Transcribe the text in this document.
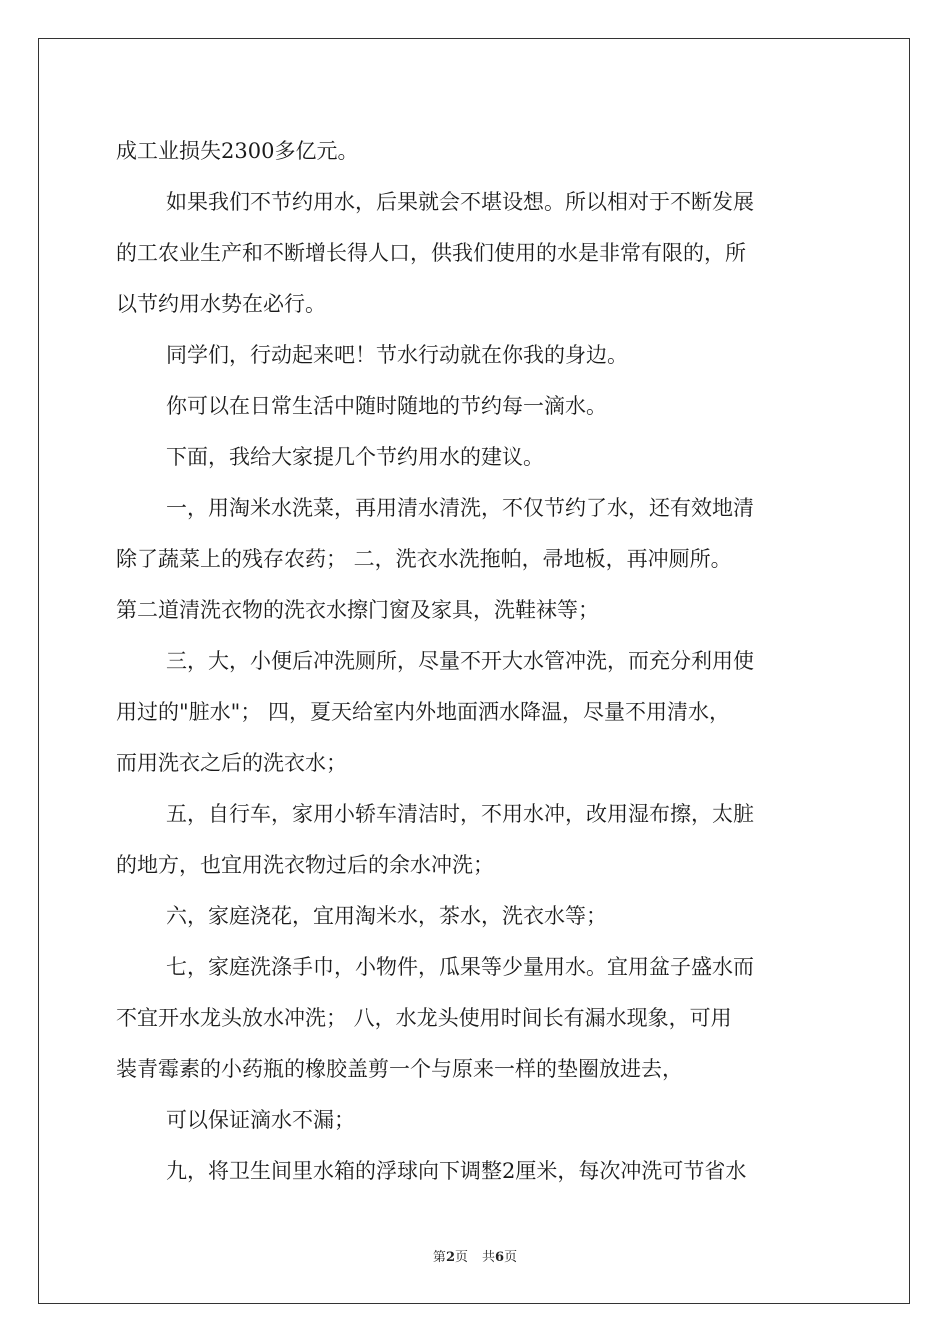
成工业损失2300多亿元。
如果我们不节约用水，后果就会不堪设想。所以相对于不断发展
的工农业生产和不断增长得人口，供我们使用的水是非常有限的，所
以节约用水势在必行。
同学们，行动起来吧！节水行动就在你我的身边。
你可以在日常生活中随时随地的节约每一滴水。
下面，我给大家提几个节约用水的建议。
一，用淘米水洗菜，再用清水清洗，不仅节约了水，还有效地清
除了蔬菜上的残存农药； 二，洗衣水洗拖帕，帚地板，再冲厕所。
第二道清洗衣物的洗衣水擦门窗及家具，洗鞋袜等；
三，大，小便后冲洗厕所，尽量不开大水管冲洗，而充分利用使
用过的"脏水"； 四，夏天给室内外地面洒水降温，尽量不用清水，
而用洗衣之后的洗衣水；
五，自行车，家用小轿车清洁时，不用水冲，改用湿布擦，太脏
的地方，也宜用洗衣物过后的余水冲洗；
六，家庭浇花，宜用淘米水，茶水，洗衣水等；
七，家庭洗涤手巾，小物件，瓜果等少量用水。宜用盆子盛水而
不宜开水龙头放水冲洗； 八，水龙头使用时间长有漏水现象，可用
装青霉素的小药瓶的橡胶盖剪一个与原来一样的垫圈放进去，
可以保证滴水不漏；
九，将卫生间里水箱的浮球向下调整2厘米，每次冲洗可节省水
第2页 共6页
